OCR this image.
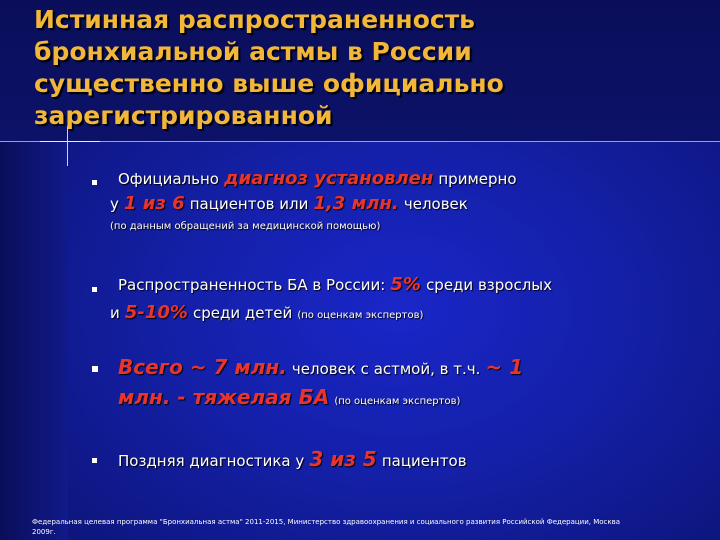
Истинная распространенность
бронхиальной астмы в России
существенно выше официально
зарегистрированной
Официально диагноз установлен примерно
у 1 из 6 пациентов или 1,3 млн. человек
(по данным обращений за медицинской помощью)
Распространенность БА в России: 5% среди взрослых
и 5-10% среди детей (по оценкам экспертов)
Всего ~ 7 млн. человек с астмой, в т.ч. ~ 1
млн. - тяжелая БА (по оценкам экспертов)
Поздняя диагностика у 3 из 5 пациентов
Федеральная целевая программа "Бронхиальная астма" 2011-2015, Министерство здравоохранения и социального развития Российской Федерации, Москва
2009г.
